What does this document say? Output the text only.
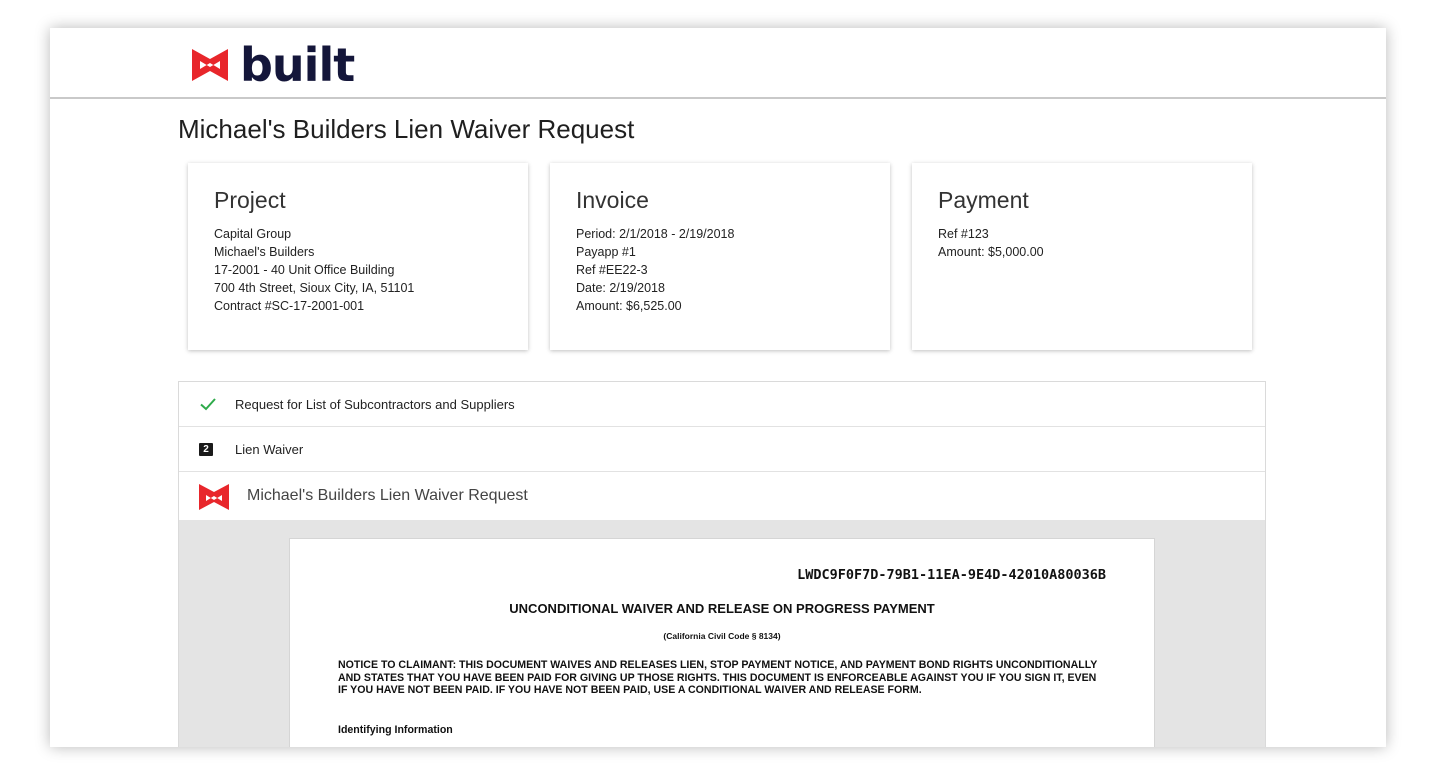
built
Michael's Builders Lien Waiver Request
Project
Capital Group
Michael's Builders
17-2001 - 40 Unit Office Building
700 4th Street, Sioux City, IA, 51101
Contract #SC-17-2001-001
Invoice
Period: 2/1/2018 - 2/19/2018
Payapp #1
Ref #EE22-3
Date: 2/19/2018
Amount: $6,525.00
Payment
Ref #123
Amount: $5,000.00
Request for List of Subcontractors and Suppliers
2	Lien Waiver
Michael's Builders Lien Waiver Request
LWDC9F0F7D-79B1-11EA-9E4D-42010A80036B
UNCONDITIONAL WAIVER AND RELEASE ON PROGRESS PAYMENT
(California Civil Code § 8134)
NOTICE TO CLAIMANT: THIS DOCUMENT WAIVES AND RELEASES LIEN, STOP PAYMENT NOTICE, AND PAYMENT BOND RIGHTS UNCONDITIONALLY AND STATES THAT YOU HAVE BEEN PAID FOR GIVING UP THOSE RIGHTS. THIS DOCUMENT IS ENFORCEABLE AGAINST YOU IF YOU SIGN IT, EVEN IF YOU HAVE NOT BEEN PAID. IF YOU HAVE NOT BEEN PAID, USE A CONDITIONAL WAIVER AND RELEASE FORM.
Identifying Information
